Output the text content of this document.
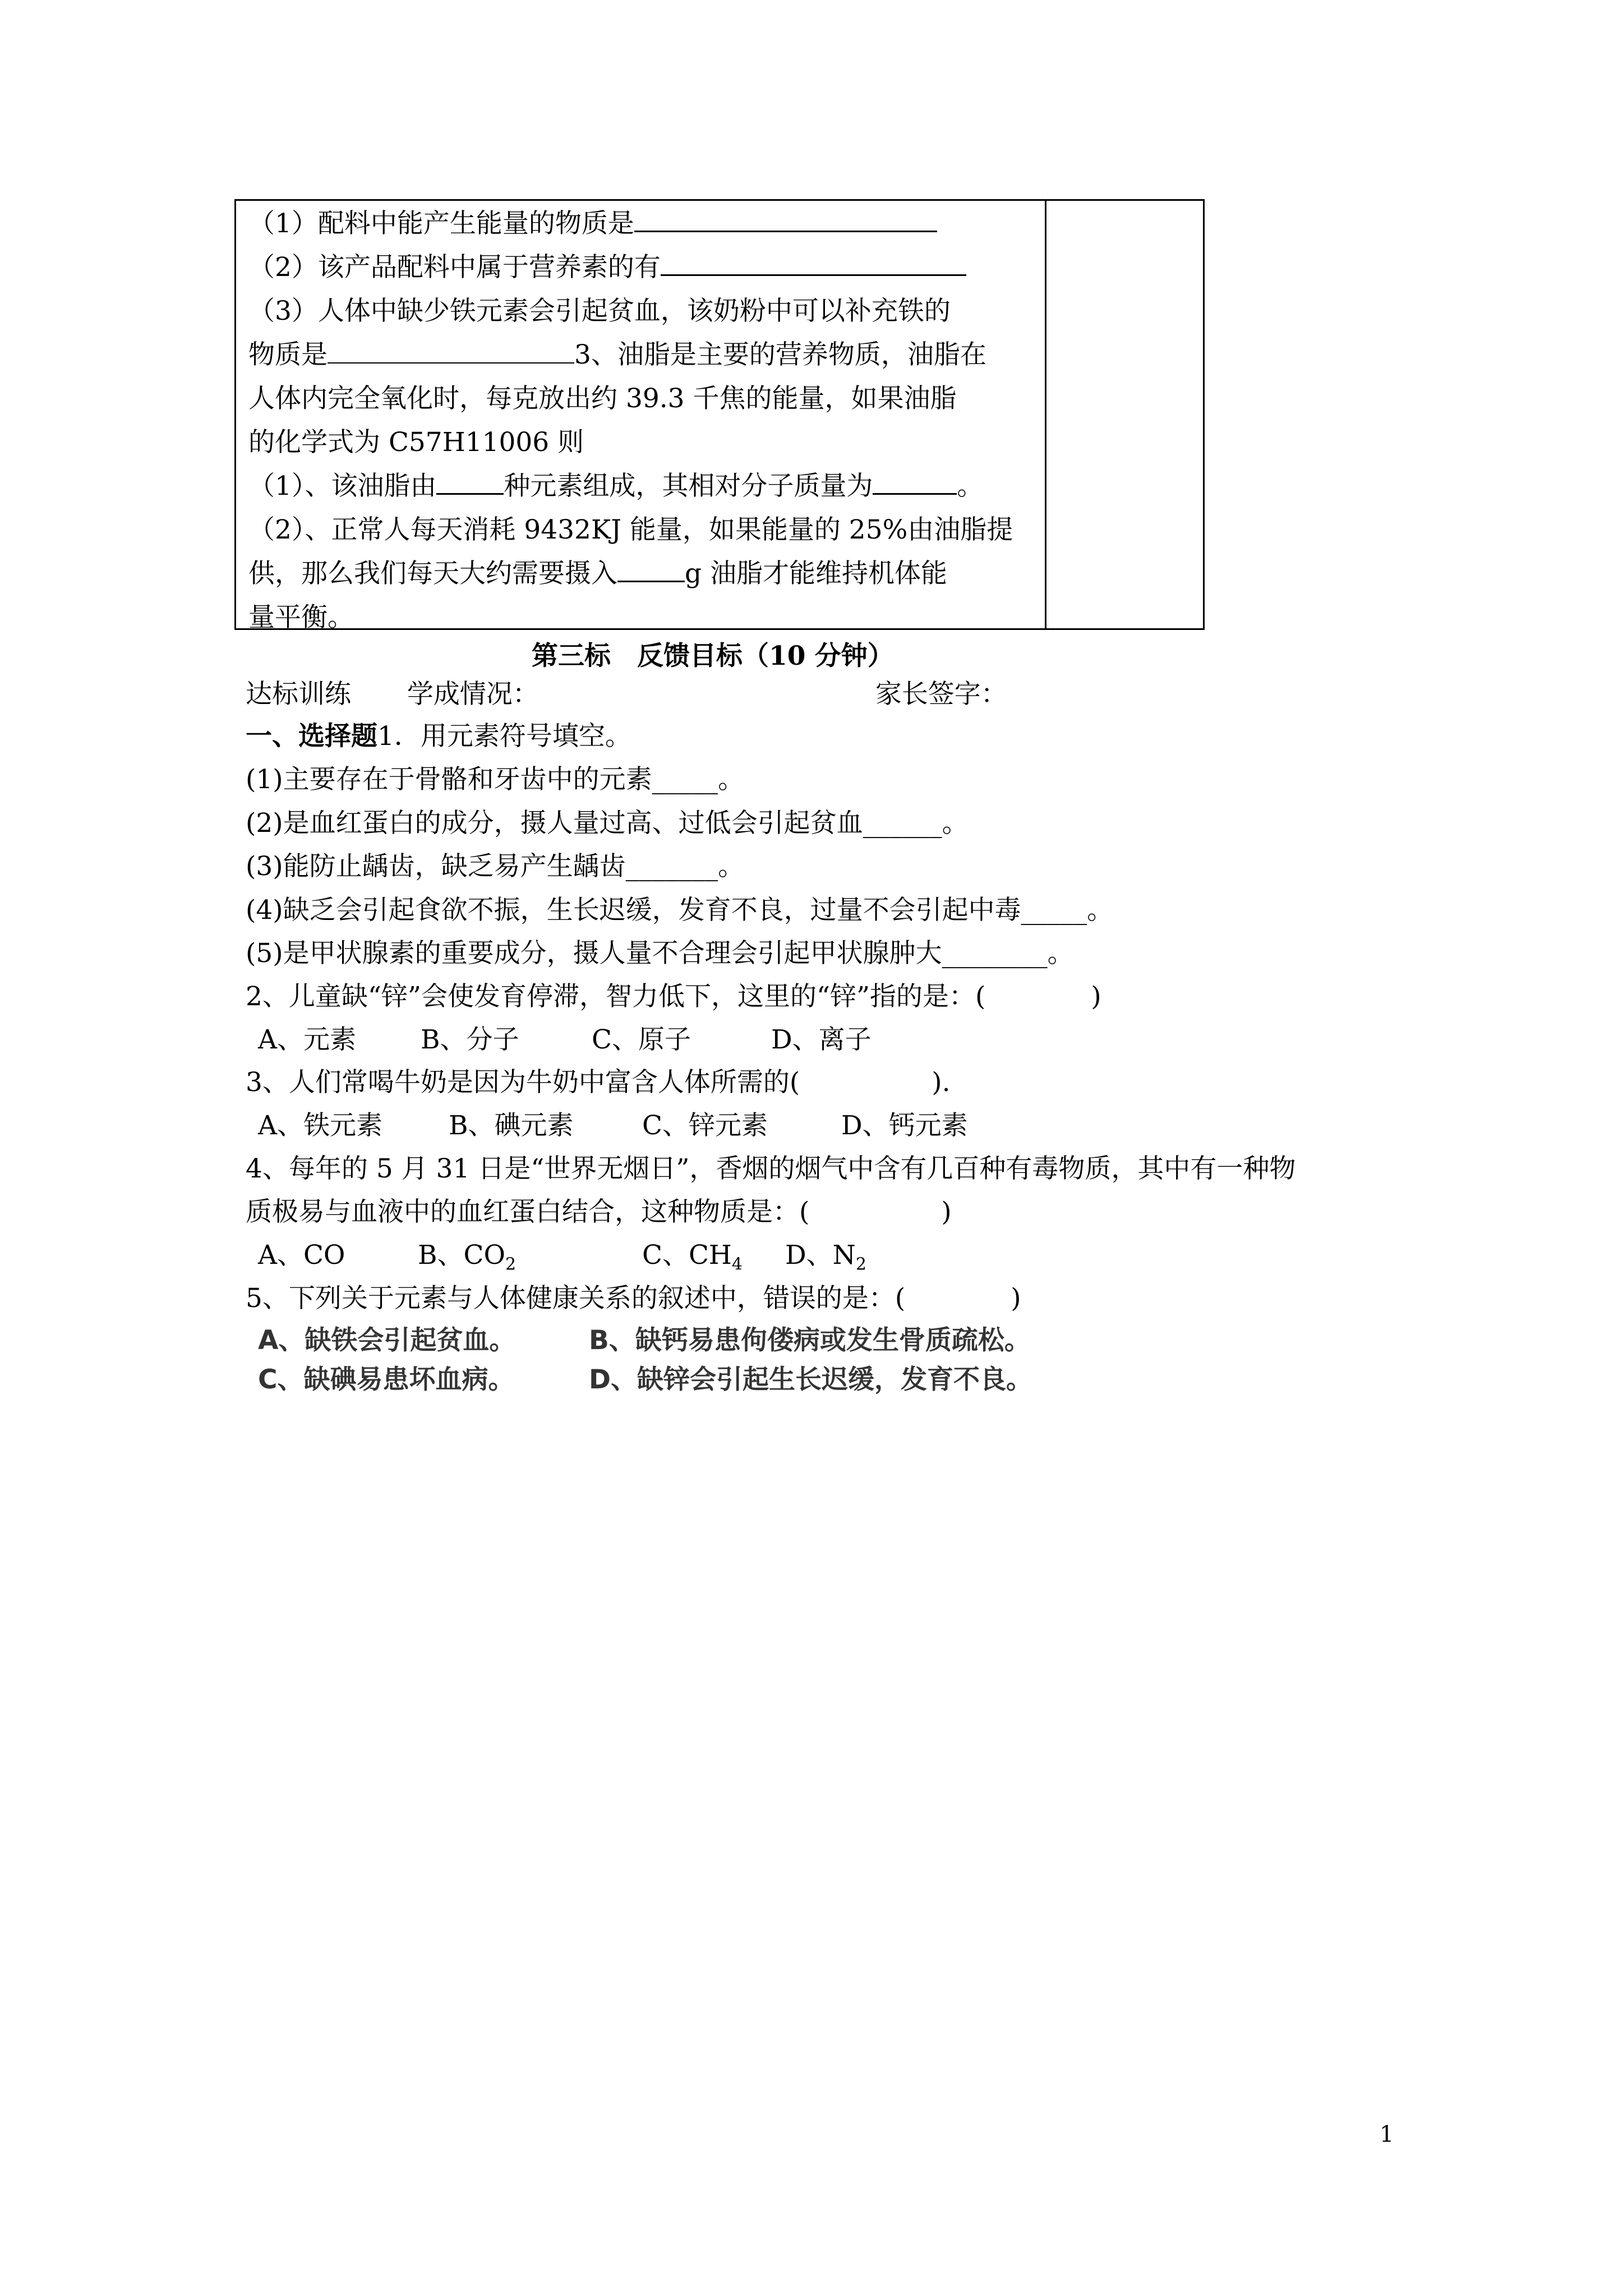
（1）配料中能产生能量的物质是
（2）该产品配料中属于营养素的有
（3）人体中缺少铁元素会引起贫血，该奶粉中可以补充铁的
物质是	3、油脂是主要的营养物质，油脂在
人体内完全氧化时，每克放出约 39.3 千焦的能量，如果油脂
的化学式为 C57H11006 则
（1）、该油脂由	种元素组成，其相对分子质量为	。
（2）、正常人每天消耗 9432KJ 能量，如果能量的 25%由油脂提
供，那么我们每天大约需要摄入	g 油脂才能维持机体能
量平衡。
第三标　反馈目标（10 分钟）
达标训练 学成情况：	家长签字：
一、选择题1．用元素符号填空。
(1)主要存在于骨骼和牙齿中的元素_____。
(2)是血红蛋白的成分，摄人量过高、过低会引起贫血______。
(3)能防止龋齿，缺乏易产生龋齿_______。
(4)缺乏会引起食欲不振，生长迟缓，发育不良，过量不会引起中毒_____。
(5)是甲状腺素的重要成分，摄人量不合理会引起甲状腺肿大________。
2、儿童缺“锌”会使发育停滞，智力低下，这里的“锌”指的是：(　　　　)
A、元素 B、分子	C、原子	D、离子
3、人们常喝牛奶是因为牛奶中富含人体所需的(　　　　　).
A、铁元素	B、碘元素	C、锌元素	D、钙元素
4、每年的 5 月 31 日是“世界无烟日”，香烟的烟气中含有几百种有毒物质，其中有一种物
质极易与血液中的血红蛋白结合，这种物质是：(　　　　　)
A、CO	B、$CO_2$	C、$CH_4$ D、$N_2$
5、下列关于元素与人体健康关系的叙述中，错误的是：(　　　　)
A、缺铁会引起贫血。	B、缺钙易患佝偻病或发生骨质疏松。
C、缺碘易患坏血病。	D、缺锌会引起生长迟缓，发育不良。
1
